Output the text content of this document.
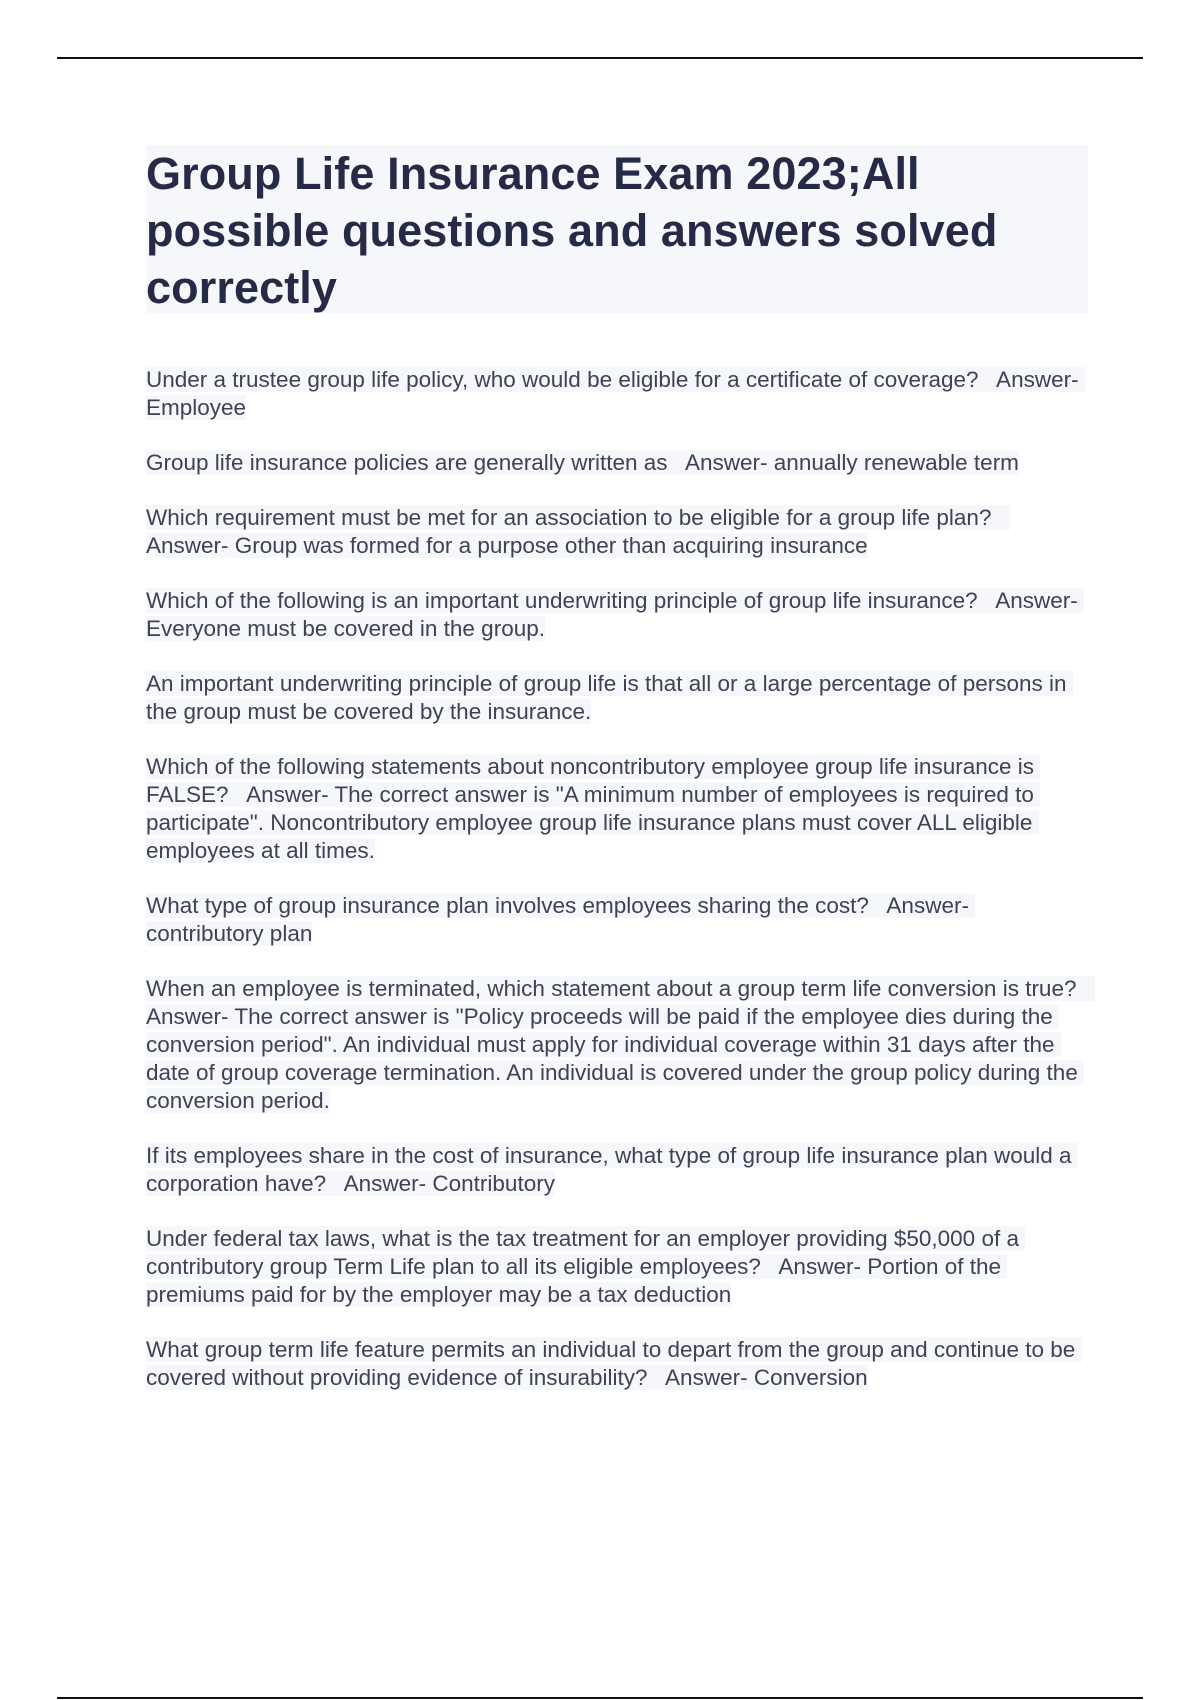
Group Life Insurance Exam 2023;All possible questions and answers solved correctly

Under a trustee group life policy, who would be eligible for a certificate of coverage?   Answer- Employee

Group life insurance policies are generally written as   Answer- annually renewable term

Which requirement must be met for an association to be eligible for a group life plan?   Answer- Group was formed for a purpose other than acquiring insurance

Which of the following is an important underwriting principle of group life insurance?   Answer- Everyone must be covered in the group.

An important underwriting principle of group life is that all or a large percentage of persons in the group must be covered by the insurance.

Which of the following statements about noncontributory employee group life insurance is FALSE?   Answer- The correct answer is "A minimum number of employees is required to participate". Noncontributory employee group life insurance plans must cover ALL eligible employees at all times.

What type of group insurance plan involves employees sharing the cost?   Answer- contributory plan

When an employee is terminated, which statement about a group term life conversion is true?   Answer- The correct answer is "Policy proceeds will be paid if the employee dies during the conversion period". An individual must apply for individual coverage within 31 days after the date of group coverage termination. An individual is covered under the group policy during the conversion period.

If its employees share in the cost of insurance, what type of group life insurance plan would a corporation have?   Answer- Contributory

Under federal tax laws, what is the tax treatment for an employer providing $50,000 of a contributory group Term Life plan to all its eligible employees?   Answer- Portion of the premiums paid for by the employer may be a tax deduction

What group term life feature permits an individual to depart from the group and continue to be covered without providing evidence of insurability?   Answer- Conversion
